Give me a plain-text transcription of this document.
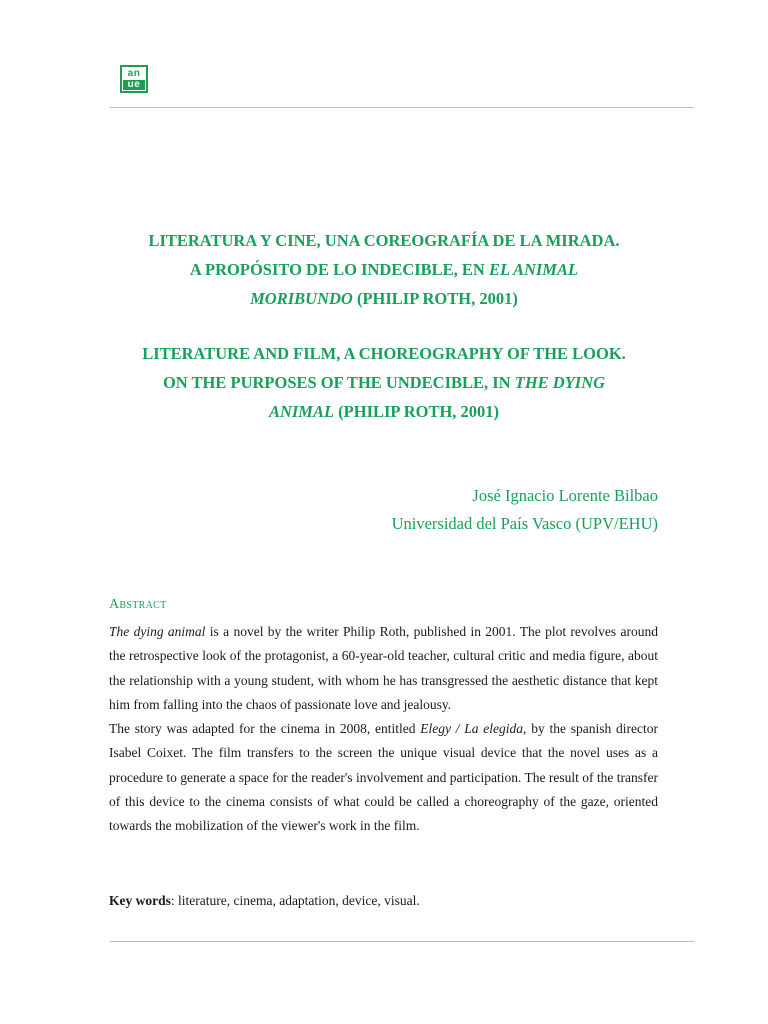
an
ue
LITERATURA Y CINE, UNA COREOGRAFÍA DE LA MIRADA.
A PROPÓSITO DE LO INDECIBLE, EN EL ANIMAL
MORIBUNDO (PHILIP ROTH, 2001)
LITERATURE AND FILM, A CHOREOGRAPHY OF THE LOOK.
ON THE PURPOSES OF THE UNDECIBLE, IN THE DYING
ANIMAL (PHILIP ROTH, 2001)
José Ignacio Lorente Bilbao
Universidad del País Vasco (UPV/EHU)
Abstract

The dying animal is a novel by the writer Philip Roth, published in 2001. The plot revolves around the retrospective look of the protagonist, a 60-year-old teacher, cultural critic and media figure, about the relationship with a young student, with whom he has transgressed the aesthetic distance that kept him from falling into the chaos of passionate love and jealousy.

The story was adapted for the cinema in 2008, entitled Elegy / La elegida, by the spanish director Isabel Coixet. The film transfers to the screen the unique visual device that the novel uses as a procedure to generate a space for the reader's involvement and participation. The result of the transfer of this device to the cinema consists of what could be called a choreography of the gaze, oriented towards the mobilization of the viewer's work in the film.

Key words: literature, cinema, adaptation, device, visual.
